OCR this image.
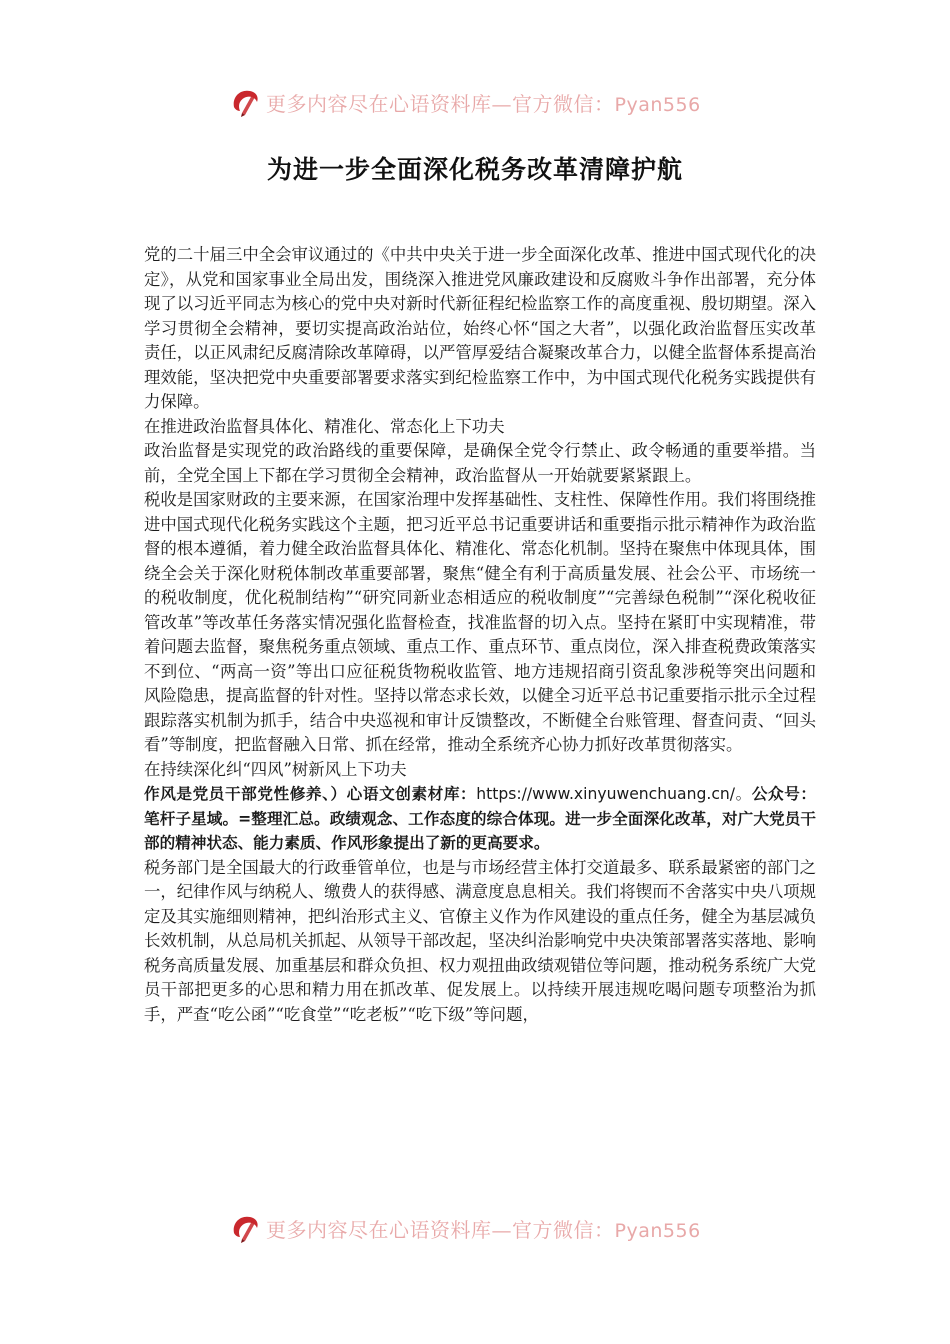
更多内容尽在心语资料库—官方微信：Pyan556
为进一步全面深化税务改革清障护航

党的二十届三中全会审议通过的《中共中央关于进一步全面深化改革、推进中国式现代化的决定》，从党和国家事业全局出发，围绕深入推进党风廉政建设和反腐败斗争作出部署，充分体现了以习近平同志为核心的党中央对新时代新征程纪检监察工作的高度重视、殷切期望。深入学习贯彻全会精神，要切实提高政治站位，始终心怀“国之大者”，以强化政治监督压实改革责任，以正风肃纪反腐清除改革障碍，以严管厚爱结合凝聚改革合力，以健全监督体系提高治理效能，坚决把党中央重要部署要求落实到纪检监察工作中，为中国式现代化税务实践提供有力保障。

在推进政治监督具体化、精准化、常态化上下功夫

政治监督是实现党的政治路线的重要保障，是确保全党令行禁止、政令畅通的重要举措。当前，全党全国上下都在学习贯彻全会精神，政治监督从一开始就要紧紧跟上。

税收是国家财政的主要来源，在国家治理中发挥基础性、支柱性、保障性作用。我们将围绕推进中国式现代化税务实践这个主题，把习近平总书记重要讲话和重要指示批示精神作为政治监督的根本遵循，着力健全政治监督具体化、精准化、常态化机制。坚持在聚焦中体现具体，围绕全会关于深化财税体制改革重要部署，聚焦“健全有利于高质量发展、社会公平、市场统一的税收制度，优化税制结构”“研究同新业态相适应的税收制度”“完善绿色税制”“深化税收征管改革”等改革任务落实情况强化监督检查，找准监督的切入点。坚持在紧盯中实现精准，带着问题去监督，聚焦税务重点领域、重点工作、重点环节、重点岗位，深入排查税费政策落实不到位、“两高一资”等出口应征税货物税收监管、地方违规招商引资乱象涉税等突出问题和风险隐患，提高监督的针对性。坚持以常态求长效，以健全习近平总书记重要指示批示全过程跟踪落实机制为抓手，结合中央巡视和审计反馈整改，不断健全台账管理、督查问责、“回头看”等制度，把监督融入日常、抓在经常，推动全系统齐心协力抓好改革贯彻落实。

在持续深化纠“四风”树新风上下功夫

作风是党员干部党性修养、）心语文创素材库：https://www.xinyuwenchuang.cn/。公众号：笔杆子星域。=整理汇总。政绩观念、工作态度的综合体现。进一步全面深化改革，对广大党员干部的精神状态、能力素质、作风形象提出了新的更高要求。

税务部门是全国最大的行政垂管单位，也是与市场经营主体打交道最多、联系最紧密的部门之一，纪律作风与纳税人、缴费人的获得感、满意度息息相关。我们将锲而不舍落实中央八项规定及其实施细则精神，把纠治形式主义、官僚主义作为作风建设的重点任务，健全为基层减负长效机制，从总局机关抓起、从领导干部改起，坚决纠治影响党中央决策部署落实落地、影响税务高质量发展、加重基层和群众负担、权力观扭曲政绩观错位等问题，推动税务系统广大党员干部把更多的心思和精力用在抓改革、促发展上。以持续开展违规吃喝问题专项整治为抓手，严查“吃公函”“吃食堂”“吃老板”“吃下级”等问题，

更多内容尽在心语资料库—官方微信：Pyan556
